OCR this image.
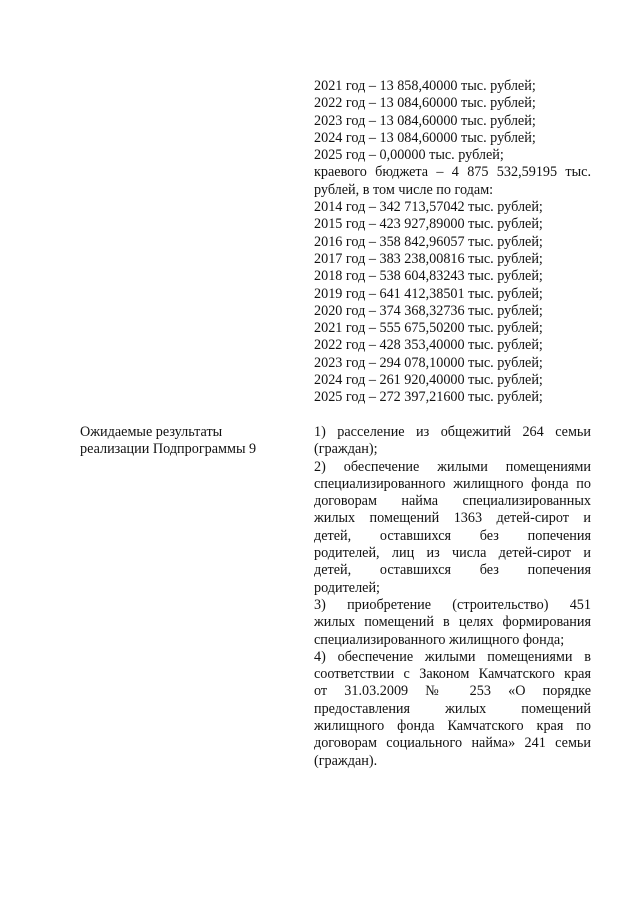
2021 год – 13 858,40000 тыс. рублей;
2022 год – 13 084,60000 тыс. рублей;
2023 год – 13 084,60000 тыс. рублей;
2024 год – 13 084,60000 тыс. рублей;
2025 год – 0,00000 тыс. рублей;
краевого бюджета – 4 875 532,59195 тыс.
рублей, в том числе по годам:
2014 год – 342 713,57042 тыс. рублей;
2015 год – 423 927,89000 тыс. рублей;
2016 год – 358 842,96057 тыс. рублей;
2017 год – 383 238,00816 тыс. рублей;
2018 год – 538 604,83243 тыс. рублей;
2019 год – 641 412,38501 тыс. рублей;
2020 год – 374 368,32736 тыс. рублей;
2021 год – 555 675,50200 тыс. рублей;
2022 год – 428 353,40000 тыс. рублей;
2023 год – 294 078,10000 тыс. рублей;
2024 год – 261 920,40000 тыс. рублей;
2025 год – 272 397,21600 тыс. рублей;
Ожидаемые результаты
реализации Подпрограммы 9
1) расселение из общежитий 264 семьи
(граждан);
2) обеспечение жилыми помещениями
специализированного жилищного фонда по
договорам найма специализированных
жилых помещений 1363 детей-сирот и
детей, оставшихся без попечения
родителей, лиц из числа детей-сирот и
детей, оставшихся без попечения
родителей;
3) приобретение (строительство) 451
жилых помещений в целях формирования
специализированного жилищного фонда;
4) обеспечение жилыми помещениями в
соответствии с Законом Камчатского края
от 31.03.2009 № 253 «О порядке
предоставления жилых помещений
жилищного фонда Камчатского края по
договорам социального найма» 241 семьи
(граждан).
